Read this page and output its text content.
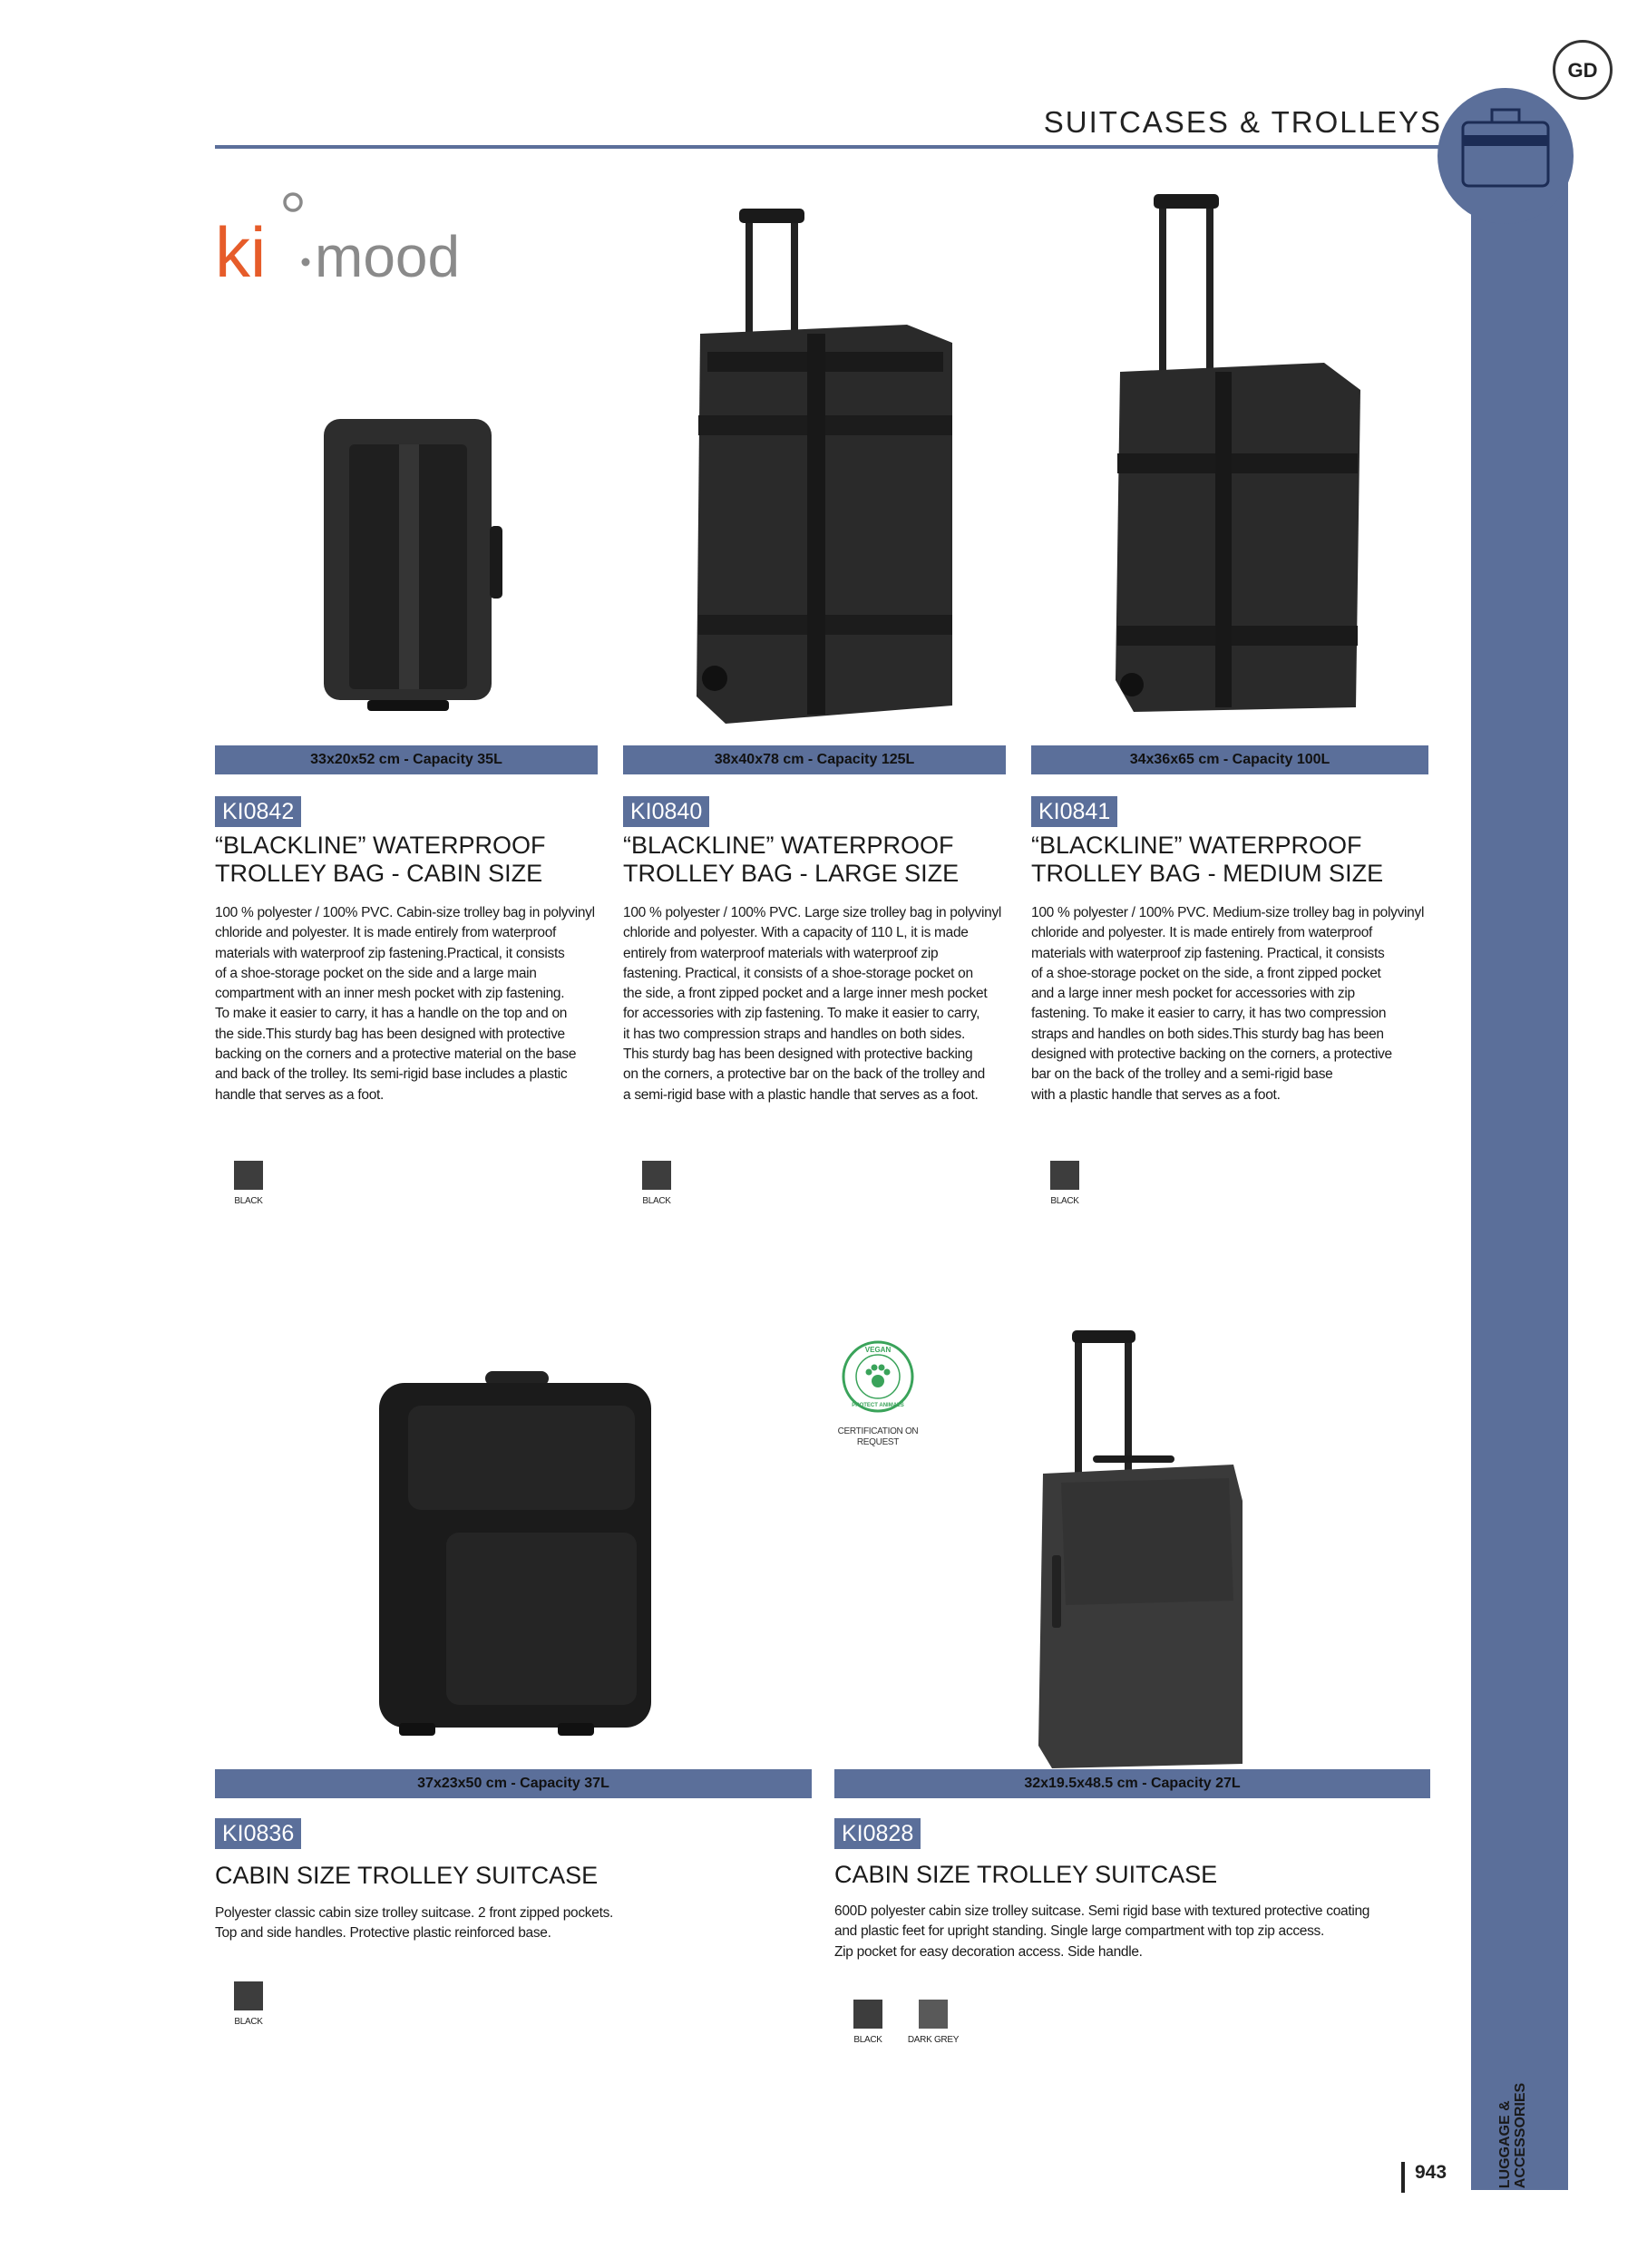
SUITCASES & TROLLEYS
GD
LUGGAGE &
ACCESSORIES
943
ki mood
33x20x52 cm - Capacity 35L
KI0842
“BLACKLINE” WATERPROOF
TROLLEY BAG - CABIN SIZE
100 % polyester / 100% PVC. Cabin-size trolley bag in polyvinyl
chloride and polyester. It is made entirely from waterproof
materials with waterproof zip fastening.Practical, it consists
of a shoe-storage pocket on the side and a large main
compartment with an inner mesh pocket with zip fastening.
To make it easier to carry, it has a handle on the top and on
the side.This sturdy bag has been designed with protective
backing on the corners and a protective material on the base
and back of the trolley. Its semi-rigid base includes a plastic
handle that serves as a foot.
BLACK
38x40x78 cm - Capacity 125L
KI0840
“BLACKLINE” WATERPROOF
TROLLEY BAG - LARGE SIZE
100 % polyester / 100% PVC. Large size trolley bag in polyvinyl
chloride and polyester. With a capacity of 110 L, it is made
entirely from waterproof materials with waterproof zip
fastening. Practical, it consists of a shoe-storage pocket on
the side, a front zipped pocket and a large inner mesh pocket
for accessories with zip fastening. To make it easier to carry,
it has two compression straps and handles on both sides.
This sturdy bag has been designed with protective backing
on the corners, a protective bar on the back of the trolley and
a semi-rigid base with a plastic handle that serves as a foot.
BLACK
34x36x65 cm - Capacity 100L
KI0841
“BLACKLINE” WATERPROOF
TROLLEY BAG - MEDIUM SIZE
100 % polyester / 100% PVC. Medium-size trolley bag in polyvinyl
chloride and polyester. It is made entirely from waterproof
materials with waterproof zip fastening. Practical, it consists
of a shoe-storage pocket on the side, a front zipped pocket
and a large inner mesh pocket for accessories with zip
fastening. To make it easier to carry, it has two compression
straps and handles on both sides.This sturdy bag has been
designed with protective backing on the corners, a protective
bar on the back of the trolley and a semi-rigid base
with a plastic handle that serves as a foot.
BLACK
VEGAN
PROTECT ANIMALS
CERTIFICATION ON
REQUEST
37x23x50 cm - Capacity 37L
KI0836
CABIN SIZE TROLLEY SUITCASE
Polyester classic cabin size trolley suitcase. 2 front zipped pockets.
Top and side handles. Protective plastic reinforced base.
BLACK
32x19.5x48.5 cm - Capacity 27L
KI0828
CABIN SIZE TROLLEY SUITCASE
600D polyester cabin size trolley suitcase. Semi rigid base with textured protective coating
and plastic feet for upright standing. Single large compartment with top zip access.
Zip pocket for easy decoration access. Side handle.
BLACK	DARK GREY
